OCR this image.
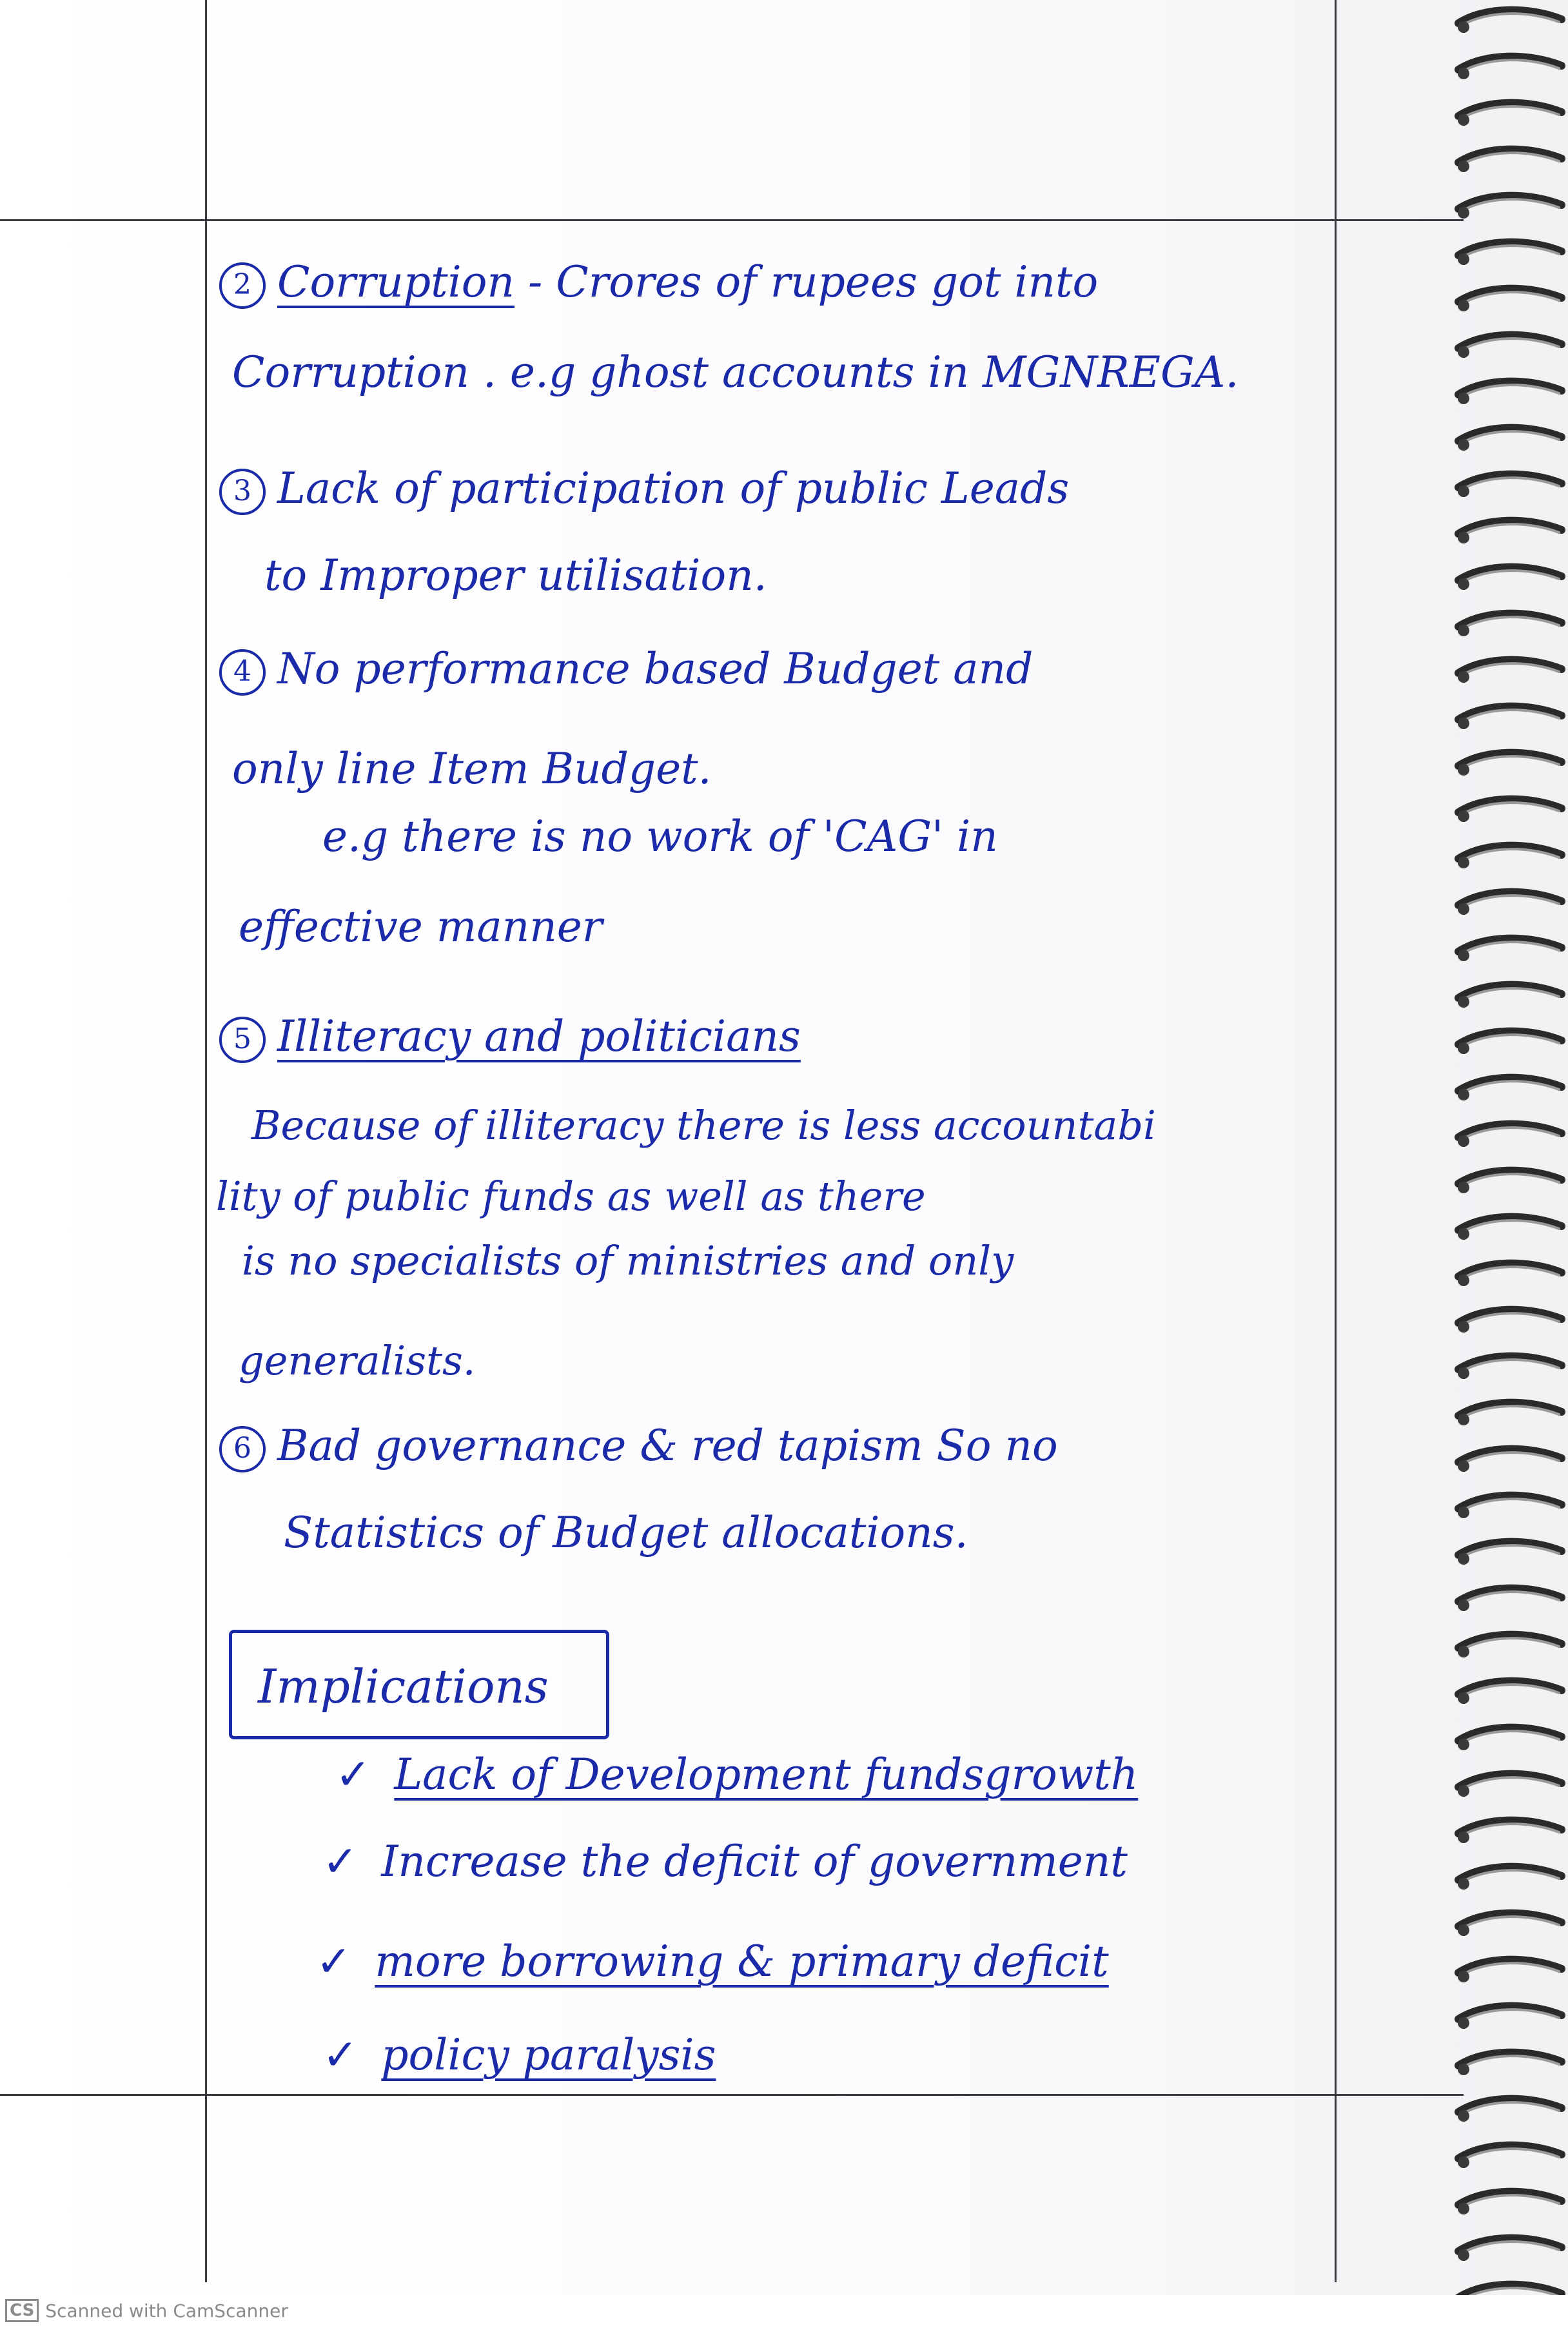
2 Corruption - Crores of rupees got into
Corruption . e.g ghost accounts in MGNREGA.
3 Lack of participation of public Leads
to Improper utilisation.
4 No performance based Budget and
only line Item Budget.
e.g there is no work of 'CAG' in
effective manner
5 Illiteracy and politicians
Because of illiteracy there is less accountabi
lity of public funds as well as there
is no specialists of ministries and only
generalists.
6 Bad governance & red tapism So no
Statistics of Budget allocations.
Implications
✓ Lack of Development fundsgrowth
✓ Increase the deficit of government
✓ more borrowing & primary deficit
✓ policy paralysis
CS Scanned with CamScanner
